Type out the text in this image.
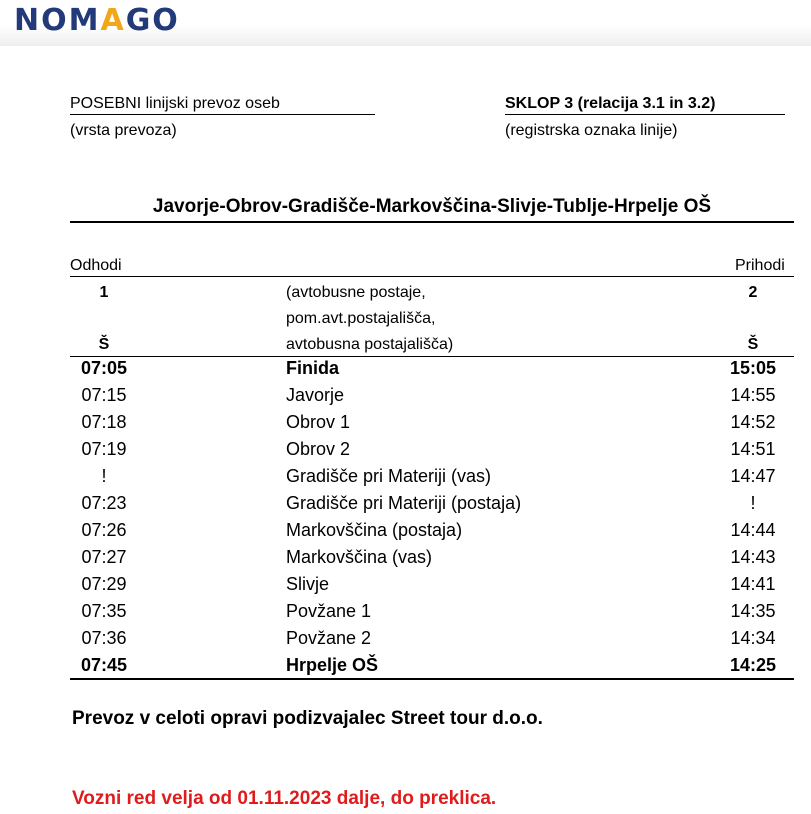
NOMAGO
POSEBNI linijski prevoz oseb
(vrsta prevoza)
SKLOP 3 (relacija 3.1 in 3.2)
(registrska oznaka linije)
Javorje-Obrov-Gradišče-Markovščina-Slivje-Tublje-Hrpelje OŠ
Odhodi	Prihodi
1	2
(avtobusne postaje,
pom.avt.postajališča,
avtobusna postajališča)
Š	Š
07:05	Finida	15:05
07:15	Javorje	14:55
07:18	Obrov 1	14:52
07:19	Obrov 2	14:51
!	Gradišče pri Materiji (vas)	14:47
07:23	Gradišče pri Materiji (postaja)	!
07:26	Markovščina (postaja)	14:44
07:27	Markovščina (vas)	14:43
07:29	Slivje	14:41
07:35	Povžane 1	14:35
07:36	Povžane 2	14:34
07:45	Hrpelje OŠ	14:25
Prevoz v celoti opravi podizvajalec Street tour d.o.o.
Vozni red velja od 01.11.2023 dalje, do preklica.
